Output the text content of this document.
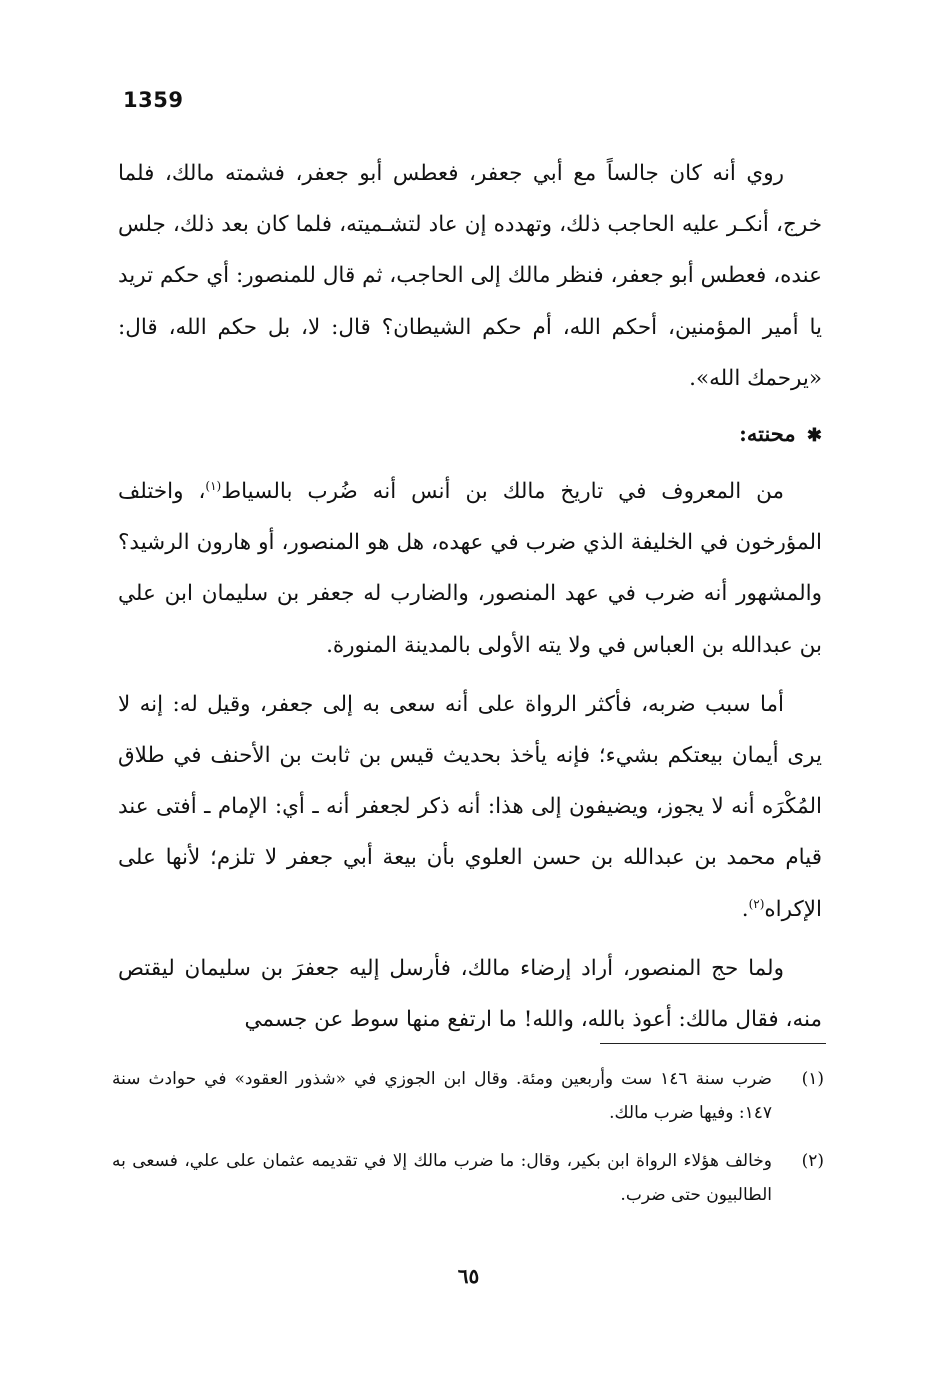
1359

روي أنه كان جالساً مع أبي جعفر، فعطس أبو جعفر، فشمته مالك، فلما خرج، أنكـر عليه الحاجب ذلك، وتهدده إن عاد لتشـميته، فلما كان بعد ذلك، جلس عنده، فعطس أبو جعفر، فنظر مالك إلى الحاجب، ثم قال للمنصور: أي حكم تريد يا أمير المؤمنين، أحكم الله، أم حكم الشيطان؟ قال: لا، بل حكم الله، قال: «يرحمك الله».

✱ محنته:

من المعروف في تاريخ مالك بن أنس أنه ضُرب بالسياط$^{(١)}$، واختلف المؤرخون في الخليفة الذي ضرب في عهده، هل هو المنصور، أو هارون الرشيد؟ والمشهور أنه ضرب في عهد المنصور، والضارب له جعفر بن سليمان ابن علي بن عبدالله بن العباس في ولا يته الأولى بالمدينة المنورة.

أما سبب ضربه، فأكثر الرواة على أنه سعى به إلى جعفر، وقيل له: إنه لا يرى أيمان بيعتكم بشيء؛ فإنه يأخذ بحديث قيس بن ثابت بن الأحنف في طلاق المُكْرَه أنه لا يجوز، ويضيفون إلى هذا: أنه ذكر لجعفر أنه ـ أي: الإمام ـ أفتى عند قيام محمد بن عبدالله بن حسن العلوي بأن بيعة أبي جعفر لا تلزم؛ لأنها على الإكراه$^{(٢)}$.

ولما حج المنصور، أراد إرضاء مالك، فأرسل إليه جعفرَ بن سليمان ليقتص منه، فقال مالك: أعوذ بالله، والله! ما ارتفع منها سوط عن جسمي

(١)
ضرب سنة ١٤٦ ست وأربعين ومئة. وقال ابن الجوزي في «شذور العقود» في حوادث سنة ١٤٧: وفيها ضرب مالك.
(٢)
وخالف هؤلاء الرواة ابن بكير، وقال: ما ضرب مالك إلا في تقديمه عثمان على علي، فسعى به الطالبيون حتى ضرب.
٦٥
